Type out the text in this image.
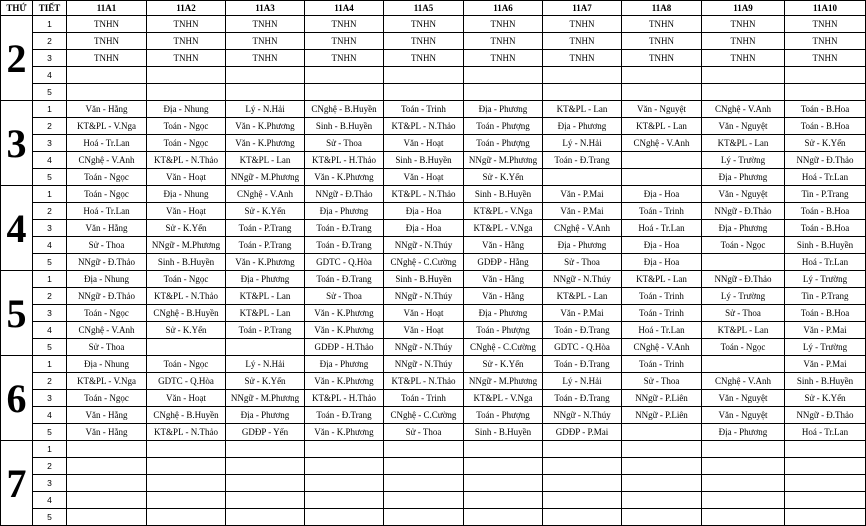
THỨ	TIẾT	11A1	11A2	11A3	11A4	11A5	11A6	11A7	11A8	11A9	11A10
2	1	TNHN	TNHN	TNHN	TNHN	TNHN	TNHN	TNHN	TNHN	TNHN	TNHN
	2	TNHN	TNHN	TNHN	TNHN	TNHN	TNHN	TNHN	TNHN	TNHN	TNHN
	3	TNHN	TNHN	TNHN	TNHN	TNHN	TNHN	TNHN	TNHN	TNHN	TNHN
	4										
	5										
3	1	Văn - Hằng	Địa - Nhung	Lý - N.Hải	CNghệ - B.Huyền	Toán - Trinh	Địa - Phương	KT&PL - Lan	Văn - Nguyệt	CNghệ - V.Anh	Toán - B.Hoa
	2	KT&PL - V.Nga	Toán - Ngọc	Văn - K.Phương	Sinh - B.Huyền	KT&PL - N.Thảo	Toán - Phượng	Địa - Phương	KT&PL - Lan	Văn - Nguyệt	Toán - B.Hoa
	3	Hoá - Tr.Lan	Toán - Ngọc	Văn - K.Phương	Sử - Thoa	Văn - Hoạt	Toán - Phượng	Lý - N.Hải	CNghệ - V.Anh	KT&PL - Lan	Sử - K.Yến
	4	CNghệ - V.Anh	KT&PL - N.Thảo	KT&PL - Lan	KT&PL - H.Thảo	Sinh - B.Huyền	NNgữ - M.Phương	Toán - Đ.Trang		Lý - Trường	NNgữ - Đ.Thảo
	5	Toán - Ngọc	Văn - Hoạt	NNgữ - M.Phương	Văn - K.Phương	Văn - Hoạt	Sử - K.Yến			Địa - Phương	Hoá - Tr.Lan
4	1	Toán - Ngọc	Địa - Nhung	CNghệ - V.Anh	NNgữ - Đ.Thảo	KT&PL - N.Thảo	Sinh - B.Huyền	Văn - P.Mai	Địa - Hoa	Văn - Nguyệt	Tin - P.Trang
	2	Hoá - Tr.Lan	Văn - Hoạt	Sử - K.Yến	Địa - Phương	Địa - Hoa	KT&PL - V.Nga	Văn - P.Mai	Toán - Trinh	NNgữ - Đ.Thảo	Toán - B.Hoa
	3	Văn - Hằng	Sử - K.Yến	Toán - P.Trang	Toán - Đ.Trang	Địa - Hoa	KT&PL - V.Nga	CNghệ - V.Anh	Hoá - Tr.Lan	Địa - Phương	Toán - B.Hoa
	4	Sử - Thoa	NNgữ - M.Phương	Toán - P.Trang	Toán - Đ.Trang	NNgữ - N.Thúy	Văn - Hằng	Địa - Phương	Địa - Hoa	Toán - Ngọc	Sinh - B.Huyền
	5	NNgữ - Đ.Thảo	Sinh - B.Huyền	Văn - K.Phương	GDTC - Q.Hòa	CNghệ - C.Cường	GDĐP - Hằng	Sử - Thoa	Địa - Hoa		Hoá - Tr.Lan
5	1	Địa - Nhung	Toán - Ngọc	Địa - Phương	Toán - Đ.Trang	Sinh - B.Huyền	Văn - Hằng	NNgữ - N.Thúy	KT&PL - Lan	NNgữ - Đ.Thảo	Lý - Trường
	2	NNgữ - Đ.Thảo	KT&PL - N.Thảo	KT&PL - Lan	Sử - Thoa	NNgữ - N.Thúy	Văn - Hằng	KT&PL - Lan	Toán - Trinh	Lý - Trường	Tin - P.Trang
	3	Toán - Ngọc	CNghệ - B.Huyền	KT&PL - Lan	Văn - K.Phương	Văn - Hoạt	Địa - Phương	Văn - P.Mai	Toán - Trinh	Sử - Thoa	Toán - B.Hoa
	4	CNghệ - V.Anh	Sử - K.Yến	Toán - P.Trang	Văn - K.Phương	Văn - Hoạt	Toán - Phượng	Toán - Đ.Trang	Hoá - Tr.Lan	KT&PL - Lan	Văn - P.Mai
	5	Sử - Thoa			GDĐP - H.Thảo	NNgữ - N.Thúy	CNghệ - C.Cường	GDTC - Q.Hòa	CNghệ - V.Anh	Toán - Ngọc	Lý - Trường
6	1	Địa - Nhung	Toán - Ngọc	Lý - N.Hải	Địa - Phương	NNgữ - N.Thúy	Sử - K.Yến	Toán - Đ.Trang	Toán - Trinh		Văn - P.Mai
	2	KT&PL - V.Nga	GDTC - Q.Hòa	Sử - K.Yến	Văn - K.Phương	KT&PL - N.Thảo	NNgữ - M.Phương	Lý - N.Hải	Sử - Thoa	CNghệ - V.Anh	Sinh - B.Huyền
	3	Toán - Ngọc	Văn - Hoạt	NNgữ - M.Phương	KT&PL - H.Thảo	Toán - Trinh	KT&PL - V.Nga	Toán - Đ.Trang	NNgữ - P.Liên	Văn - Nguyệt	Sử - K.Yến
	4	Văn - Hằng	CNghệ - B.Huyền	Địa - Phương	Toán - Đ.Trang	CNghệ - C.Cường	Toán - Phượng	NNgữ - N.Thúy	NNgữ - P.Liên	Văn - Nguyệt	NNgữ - Đ.Thảo
	5	Văn - Hằng	KT&PL - N.Thảo	GDĐP - Yến	Văn - K.Phương	Sử - Thoa	Sinh - B.Huyền	GDĐP - P.Mai		Địa - Phương	Hoá - Tr.Lan
7	1										
	2										
	3										
	4										
	5										
